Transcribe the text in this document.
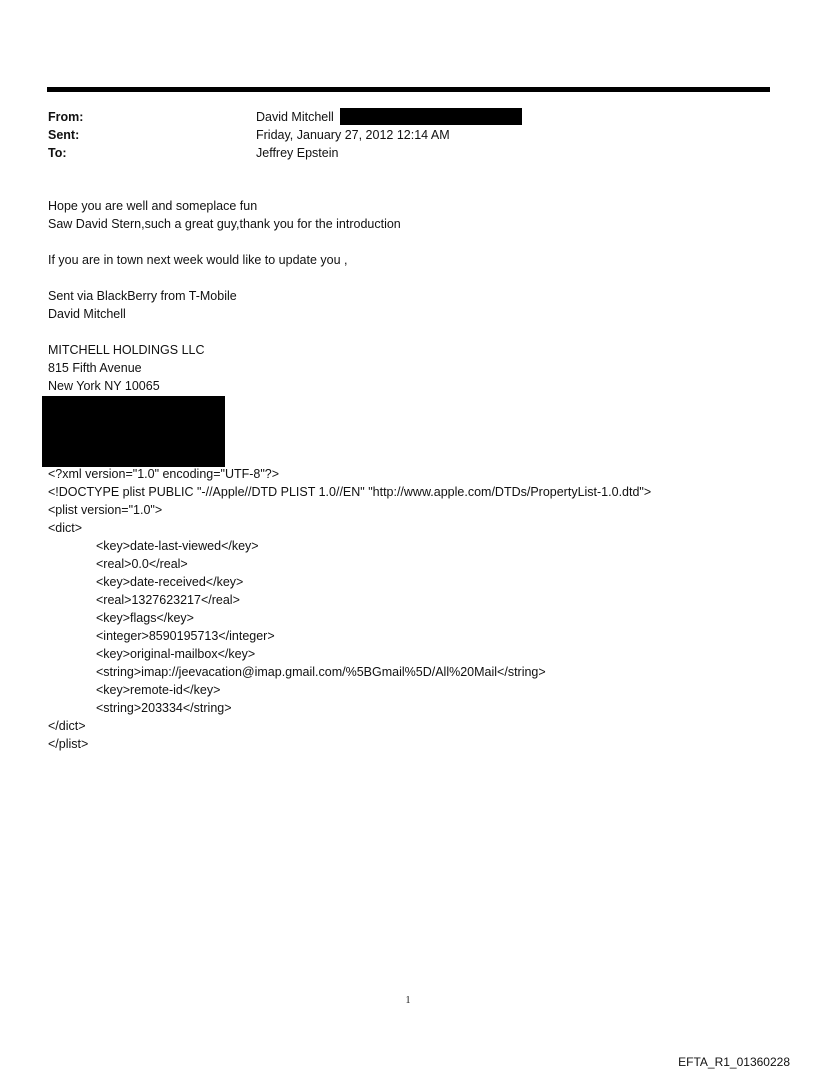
From:	David Mitchell
Sent:	Friday, January 27, 2012 12:14 AM
To:	Jeffrey Epstein
Hope you are well and someplace fun
Saw David Stern,such a great guy,thank you for the introduction
If you are in town next week would like to update you ,
Sent via BlackBerry from T-Mobile
David Mitchell
MITCHELL HOLDINGS LLC
815 Fifth Avenue
New York NY 10065
<?xml version="1.0" encoding="UTF-8"?>
<!DOCTYPE plist PUBLIC "-//Apple//DTD PLIST 1.0//EN" "http://www.apple.com/DTDs/PropertyList-1.0.dtd">
<plist version="1.0">
<dict>
<key>date-last-viewed</key>
<real>0.0</real>
<key>date-received</key>
<real>1327623217</real>
<key>flags</key>
<integer>8590195713</integer>
<key>original-mailbox</key>
<string>imap://jeevacation@imap.gmail.com/%5BGmail%5D/All%20Mail</string>
<key>remote-id</key>
<string>203334</string>
</dict>
</plist>
1
EFTA_R1_01360228
